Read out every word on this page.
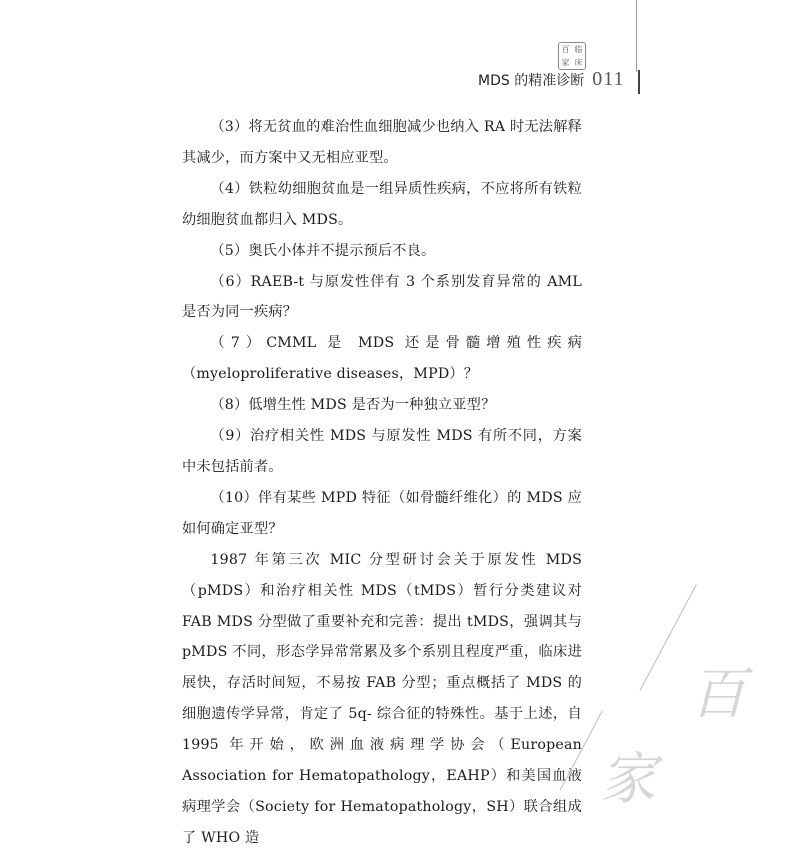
百 临
家 床
MDS 的精准诊断 011

（3）将无贫血的难治性血细胞减少也纳入 RA 时无法解释其减少，而方案中又无相应亚型。

（4）铁粒幼细胞贫血是一组异质性疾病，不应将所有铁粒幼细胞贫血都归入 MDS。

（5）奥氏小体并不提示预后不良。

（6）RAEB-t 与原发性伴有 3 个系别发育异常的 AML 是否为同一疾病？

（7）CMML 是 MDS 还是骨髓增殖性疾病（myeloproliferative diseases，MPD）？

（8）低增生性 MDS 是否为一种独立亚型？

（9）治疗相关性 MDS 与原发性 MDS 有所不同，方案中未包括前者。

（10）伴有某些 MPD 特征（如骨髓纤维化）的 MDS 应如何确定亚型？

1987 年第三次 MIC 分型研讨会关于原发性 MDS（pMDS）和治疗相关性 MDS（tMDS）暂行分类建议对 FAB MDS 分型做了重要补充和完善：提出 tMDS，强调其与 pMDS 不同，形态学异常常累及多个系别且程度严重，临床进展快，存活时间短，不易按 FAB 分型；重点概括了 MDS 的细胞遗传学异常，肯定了 5q- 综合征的特殊性。基于上述，自 1995 年开始，欧洲血液病理学协会（European Association for Hematopathology，EAHP）和美国血液病理学会（Society for Hematopathology，SH）联合组成了 WHO 造

百
家
